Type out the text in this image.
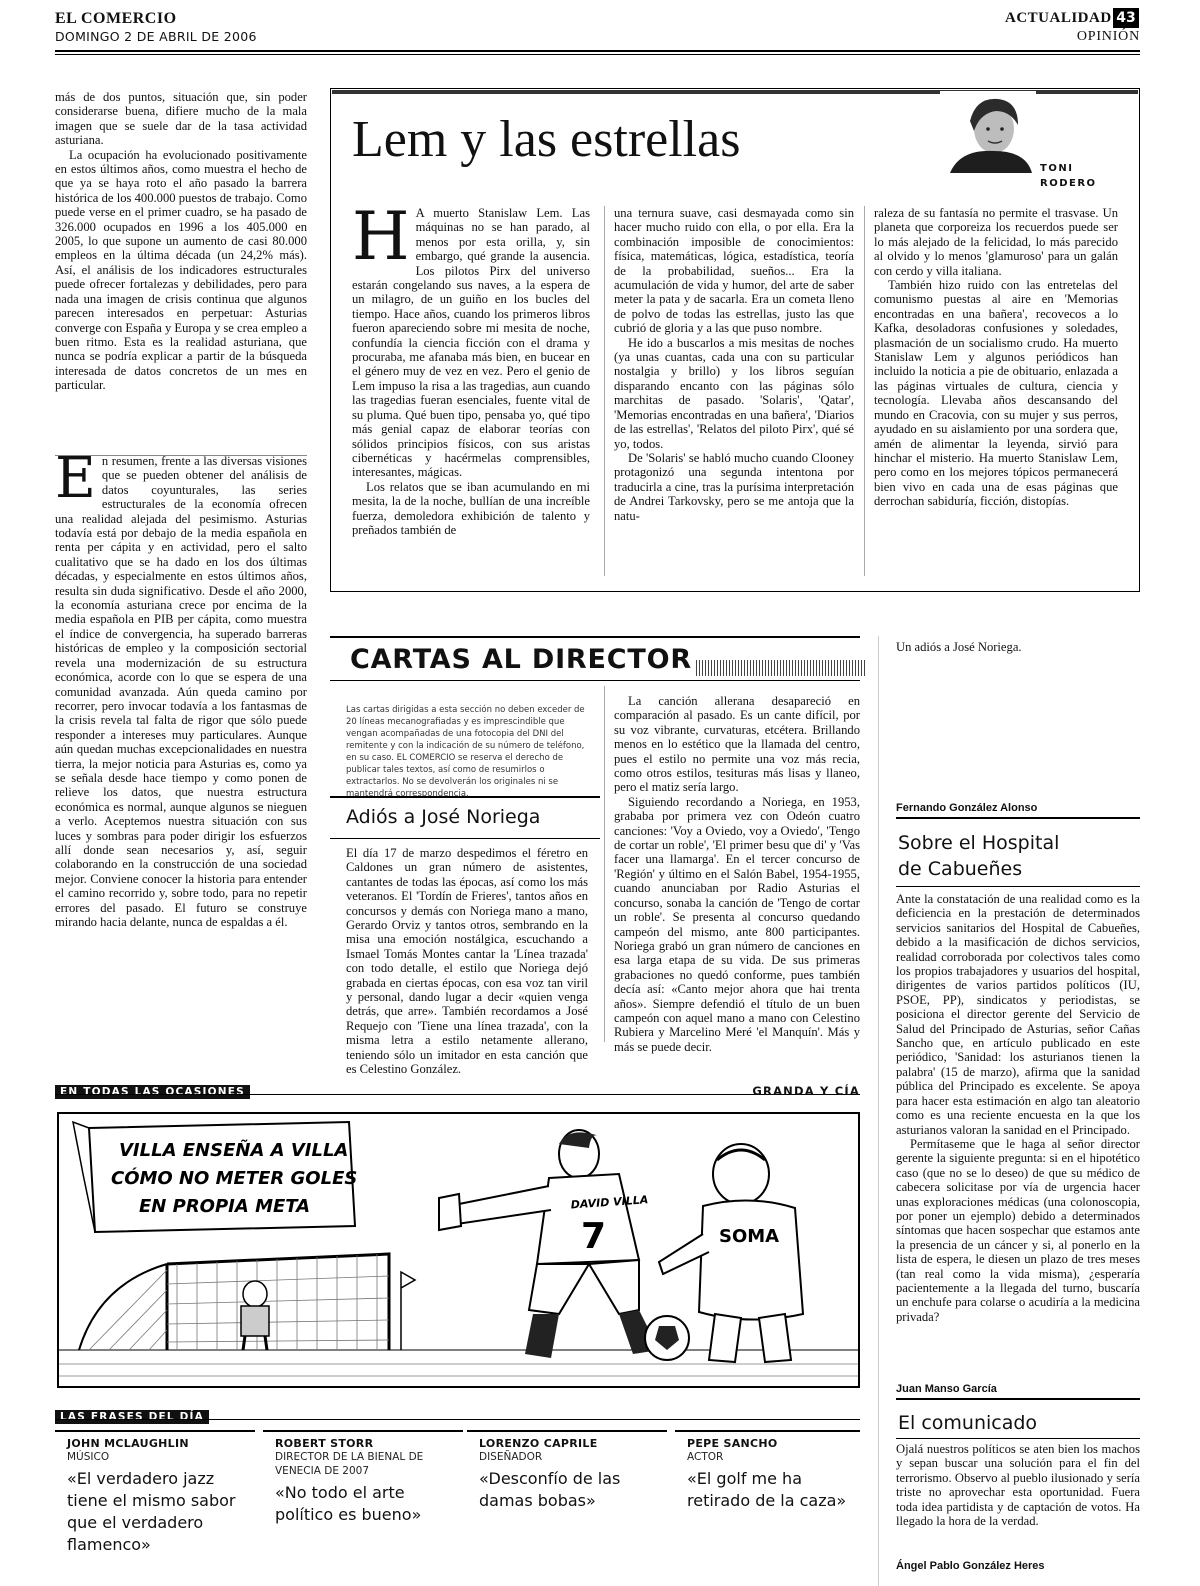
EL COMERCIO
DOMINGO 2 DE ABRIL DE 2006
ACTUALIDAD 43
OPINIÓN

más de dos puntos, situación que, sin poder considerarse buena, difiere mucho de la mala imagen que se suele dar de la tasa actividad asturiana.

La ocupación ha evolucionado positivamente en estos últimos años, como muestra el hecho de que ya se haya roto el año pasado la barrera histórica de los 400.000 puestos de trabajo. Como puede verse en el primer cuadro, se ha pasado de 326.000 ocupados en 1996 a los 405.000 en 2005, lo que supone un aumento de casi 80.000 empleos en la última década (un 24,2% más). Así, el análisis de los indicadores estructurales puede ofrecer fortalezas y debilidades, pero para nada una imagen de crisis continua que algunos parecen interesados en perpetuar: Asturias converge con España y Europa y se crea empleo a buen ritmo. Esta es la realidad asturiana, que nunca se podría explicar a partir de la búsqueda interesada de datos concretos de un mes en particular.

En resumen, frente a las diversas visiones que se pueden obtener del análisis de datos coyunturales, las series estructurales de la economía ofrecen una realidad alejada del pesimismo. Asturias todavía está por debajo de la media española en renta per cápita y en actividad, pero el salto cualitativo que se ha dado en los dos últimas décadas, y especialmente en estos últimos años, resulta sin duda significativo. Desde el año 2000, la economía asturiana crece por encima de la media española en PIB per cápita, como muestra el índice de convergencia, ha superado barreras históricas de empleo y la composición sectorial revela una modernización de su estructura económica, acorde con lo que se espera de una comunidad avanzada. Aún queda camino por recorrer, pero invocar todavía a los fantasmas de la crisis revela tal falta de rigor que sólo puede responder a intereses muy particulares. Aunque aún quedan muchas excepcionalidades en nuestra tierra, la mejor noticia para Asturias es, como ya se señala desde hace tiempo y como ponen de relieve los datos, que nuestra estructura económica es normal, aunque algunos se nieguen a verlo. Aceptemos nuestra situación con sus luces y sombras para poder dirigir los esfuerzos allí donde sean necesarios y, así, seguir colaborando en la construcción de una sociedad mejor. Conviene conocer la historia para entender el camino recorrido y, sobre todo, para no repetir errores del pasado. El futuro se construye mirando hacia delante, nunca de espaldas a él.

Lem y las estrellas
TONI
RODERO

H A muerto Stanislaw Lem. Las máquinas no se han parado, al menos por esta orilla, y, sin embargo, qué grande la ausencia. Los pilotos Pirx del universo estarán congelando sus naves, a la espera de un milagro, de un guiño en los bucles del tiempo. Hace años, cuando los primeros libros fueron apareciendo sobre mi mesita de noche, confundía la ciencia ficción con el drama y procuraba, me afanaba más bien, en bucear en el género muy de vez en vez. Pero el genio de Lem impuso la risa a las tragedias, aun cuando las tragedias fueran esenciales, fuente vital de su pluma. Qué buen tipo, pensaba yo, qué tipo más genial capaz de elaborar teorías con sólidos principios físicos, con sus aristas cibernéticas y hacérmelas comprensibles, interesantes, mágicas.

Los relatos que se iban acumulando en mi mesita, la de la noche, bullían de una increíble fuerza, demoledora exhibición de talento y preñados también de

una ternura suave, casi desmayada como sin hacer mucho ruido con ella, o por ella. Era la combinación imposible de conocimientos: física, matemáticas, lógica, estadística, teoría de la probabilidad, sueños... Era la acumulación de vida y humor, del arte de saber meter la pata y de sacarla. Era un cometa lleno de polvo de todas las estrellas, justo las que cubrió de gloria y a las que puso nombre.

He ido a buscarlos a mis mesitas de noches (ya unas cuantas, cada una con su particular nostalgia y brillo) y los libros seguían disparando encanto con las páginas sólo marchitas de pasado. 'Solaris', 'Qatar', 'Memorias encontradas en una bañera', 'Diarios de las estrellas', 'Relatos del piloto Pirx', qué sé yo, todos.

De 'Solaris' se habló mucho cuando Clooney protagonizó una segunda intentona por traducirla a cine, tras la purísima interpretación de Andrei Tarkovsky, pero se me antoja que la natu-

raleza de su fantasía no permite el trasvase. Un planeta que corporeiza los recuerdos puede ser lo más alejado de la felicidad, lo más parecido al olvido y lo menos 'glamuroso' para un galán con cerdo y villa italiana.

También hizo ruido con las entretelas del comunismo puestas al aire en 'Memorias encontradas en una bañera', recovecos a lo Kafka, desoladoras confusiones y soledades, plasmación de un socialismo crudo. Ha muerto Stanislaw Lem y algunos periódicos han incluido la noticia a pie de obituario, enlazada a las páginas virtuales de cultura, ciencia y tecnología. Llevaba años descansando del mundo en Cracovia, con su mujer y sus perros, ayudado en su aislamiento por una sordera que, amén de alimentar la leyenda, sirvió para hinchar el misterio. Ha muerto Stanislaw Lem, pero como en los mejores tópicos permanecerá bien vivo en cada una de esas páginas que derrochan sabiduría, ficción, distopías.

CARTAS AL DIRECTOR
Las cartas dirigidas a esta sección no deben exceder de 20 líneas mecanografiadas y es imprescindible que vengan acompañadas de una fotocopia del DNI del remitente y con la indicación de su número de teléfono, en su caso. EL COMERCIO se reserva el derecho de publicar tales textos, así como de resumirlos o extractarlos. No se devolverán los originales ni se mantendrá correspondencia.
Adiós a José Noriega

El día 17 de marzo despedimos el féretro en Caldones un gran número de asistentes, cantantes de todas las épocas, así como los más veteranos. El 'Tordín de Frieres', tantos años en concursos y demás con Noriega mano a mano, Gerardo Orviz y tantos otros, sembrando en la misa una emoción nostálgica, escuchando a Ismael Tomás Montes cantar la 'Línea trazada' con todo detalle, el estilo que Noriega dejó grabada en ciertas épocas, con esa voz tan viril y personal, dando lugar a decir «quien venga detrás, que arre». También recordamos a José Requejo con 'Tiene una línea trazada', con la misma letra a estilo netamente allerano, teniendo sólo un imitador en esta canción que es Celestino González.

La canción allerana desapareció en comparación al pasado. Es un cante difícil, por su voz vibrante, curvaturas, etcétera. Brillando menos en lo estético que la llamada del centro, pues el estilo no permite una voz más recia, como otros estilos, tesituras más lisas y llaneo, pero el matiz sería largo.

Siguiendo recordando a Noriega, en 1953, grababa por primera vez con Odeón cuatro canciones: 'Voy a Oviedo, voy a Oviedo', 'Tengo de cortar un roble', 'El primer besu que di' y 'Vas facer una llamarga'. En el tercer concurso de 'Región' y último en el Salón Babel, 1954-1955, cuando anunciaban por Radio Asturias el concurso, sonaba la canción de 'Tengo de cortar un roble'. Se presenta al concurso quedando campeón del mismo, ante 800 participantes. Noriega grabó un gran número de canciones en esa larga etapa de su vida. De sus primeras grabaciones no quedó conforme, pues también decía así: «Canto mejor ahora que hai trenta años». Siempre defendió el título de un buen campeón con aquel mano a mano con Celestino Rubiera y Marcelino Meré 'el Manquín'. Más y más se puede decir.

Un adiós a José Noriega.

Fernando González Alonso
Sobre el Hospital
de Cabueñes

Ante la constatación de una realidad como es la deficiencia en la prestación de determinados servicios sanitarios del Hospital de Cabueñes, debido a la masificación de dichos servicios, realidad corroborada por colectivos tales como los propios trabajadores y usuarios del hospital, dirigentes de varios partidos políticos (IU, PSOE, PP), sindicatos y periodistas, se posiciona el director gerente del Servicio de Salud del Principado de Asturias, señor Cañas Sancho que, en artículo publicado en este periódico, 'Sanidad: los asturianos tienen la palabra' (15 de marzo), afirma que la sanidad pública del Principado es excelente. Se apoya para hacer esta estimación en algo tan aleatorio como es una reciente encuesta en la que los asturianos valoran la sanidad en el Principado.

Permítaseme que le haga al señor director gerente la siguiente pregunta: si en el hipotético caso (que no se lo deseo) de que su médico de cabecera solicitase por vía de urgencia hacer unas exploraciones médicas (una colonoscopia, por poner un ejemplo) debido a determinados síntomas que hacen sospechar que estamos ante la presencia de un cáncer y si, al ponerlo en la lista de espera, le diesen un plazo de tres meses (tan real como la vida misma), ¿esperaría pacientemente a la llegada del turno, buscaría un enchufe para colarse o acudiría a la medicina privada?

Juan Manso García
El comunicado

Ojalá nuestros políticos se aten bien los machos y sepan buscar una solución para el fin del terrorismo. Observo al pueblo ilusionado y sería triste no aprovechar esta oportunidad. Fuera toda idea partidista y de captación de votos. Ha llegado la hora de la verdad.

Ángel Pablo González Heres
EN TODAS LAS OCASIONES	GRANDA Y CÍA
VILLA ENSEÑA A VILLA
CÓMO NO METER GOLES
EN PROPIA META	DAVID VILLA
7	SOMA
LAS FRASES DEL DÍA
JOHN MCLAUGHLIN
MÚSICO
«El verdadero jazz tiene el mismo sabor que el verdadero flamenco»
ROBERT STORR
DIRECTOR DE LA BIENAL DE VENECIA DE 2007
«No todo el arte político es bueno»
LORENZO CAPRILE
DISEÑADOR
«Desconfío de las damas bobas»
PEPE SANCHO
ACTOR
«El golf me ha retirado de la caza»
